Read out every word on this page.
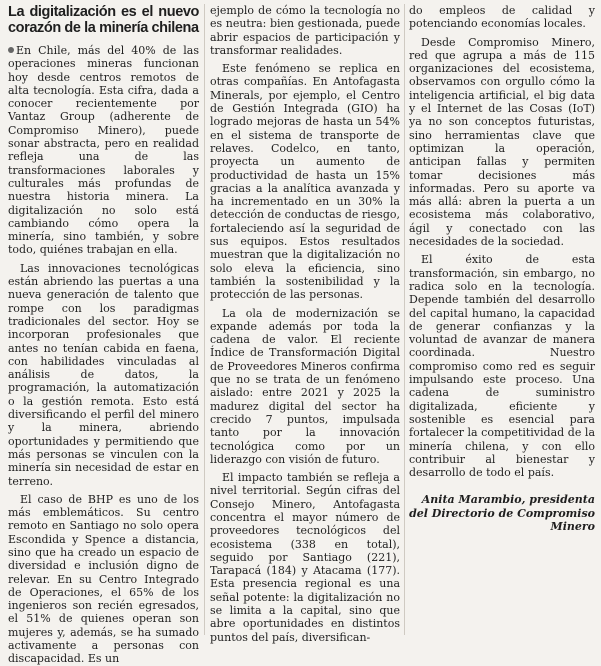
La digitalización es el nuevo corazón de la minería chilena

En Chile, más del 40% de las operaciones mineras funcionan hoy desde centros remotos de alta tecnología. Esta cifra, dada a conocer recientemente por Vantaz Group (adherente de Compromiso Minero), puede sonar abstracta, pero en realidad refleja una de las transformaciones laborales y culturales más profundas de nuestra historia minera. La digitalización no solo está cambiando cómo opera la minería, sino también, y sobre todo, quiénes trabajan en ella.

Las innovaciones tecnológicas están abriendo las puertas a una nueva generación de talento que rompe con los paradigmas tradicionales del sector. Hoy se incorporan profesionales que antes no tenían cabida en faena, con habilidades vinculadas al análisis de datos, la programación, la automatización o la gestión remota. Esto está diversificando el perfil del minero y la minera, abriendo oportunidades y permitiendo que más personas se vinculen con la minería sin necesidad de estar en terreno.

El caso de BHP es uno de los más emblemáticos. Su centro remoto en Santiago no solo opera Escondida y Spence a distancia, sino que ha creado un espacio de diversidad e inclusión digno de relevar. En su Centro Integrado de Operaciones, el 65% de los ingenieros son recién egresados, el 51% de quienes operan son mujeres y, además, se ha sumado activamente a personas con discapacidad. Es un

ejemplo de cómo la tecnología no es neutra: bien gestionada, puede abrir espacios de participación y transformar realidades.

Este fenómeno se replica en otras compañías. En Antofagasta Minerals, por ejemplo, el Centro de Gestión Integrada (GIO) ha logrado mejoras de hasta un 54% en el sistema de transporte de relaves. Codelco, en tanto, proyecta un aumento de productividad de hasta un 15% gracias a la analítica avanzada y ha incrementado en un 30% la detección de conductas de riesgo, fortaleciendo así la seguridad de sus equipos. Estos resultados muestran que la digitalización no solo eleva la eficiencia, sino también la sostenibilidad y la protección de las personas.

La ola de modernización se expande además por toda la cadena de valor. El reciente Índice de Transformación Digital de Proveedores Mineros confirma que no se trata de un fenómeno aislado: entre 2021 y 2025 la madurez digital del sector ha crecido 7 puntos, impulsada tanto por la innovación tecnológica como por un liderazgo con visión de futuro.

El impacto también se refleja a nivel territorial. Según cifras del Consejo Minero, Antofagasta concentra el mayor número de proveedores tecnológicos del ecosistema (338 en total), seguido por Santiago (221), Tarapacá (184) y Atacama (177). Esta presencia regional es una señal potente: la digitalización no se limita a la capital, sino que abre oportunidades en distintos puntos del país, diversifican-

do empleos de calidad y potenciando economías locales.

Desde Compromiso Minero, red que agrupa a más de 115 organizaciones del ecosistema, observamos con orgullo cómo la inteligencia artificial, el big data y el Internet de las Cosas (IoT) ya no son conceptos futuristas, sino herramientas clave que optimizan la operación, anticipan fallas y permiten tomar decisiones más informadas. Pero su aporte va más allá: abren la puerta a un ecosistema más colaborativo, ágil y conectado con las necesidades de la sociedad.

El éxito de esta transformación, sin embargo, no radica solo en la tecnología. Depende también del desarrollo del capital humano, la capacidad de generar confianzas y la voluntad de avanzar de manera coordinada. Nuestro compromiso como red es seguir impulsando este proceso. Una cadena de suministro digitalizada, eficiente y sostenible es esencial para fortalecer la competitividad de la minería chilena, y con ello contribuir al bienestar y desarrollo de todo el país.

Anita Marambio, presidenta del Directorio de Compromiso Minero
